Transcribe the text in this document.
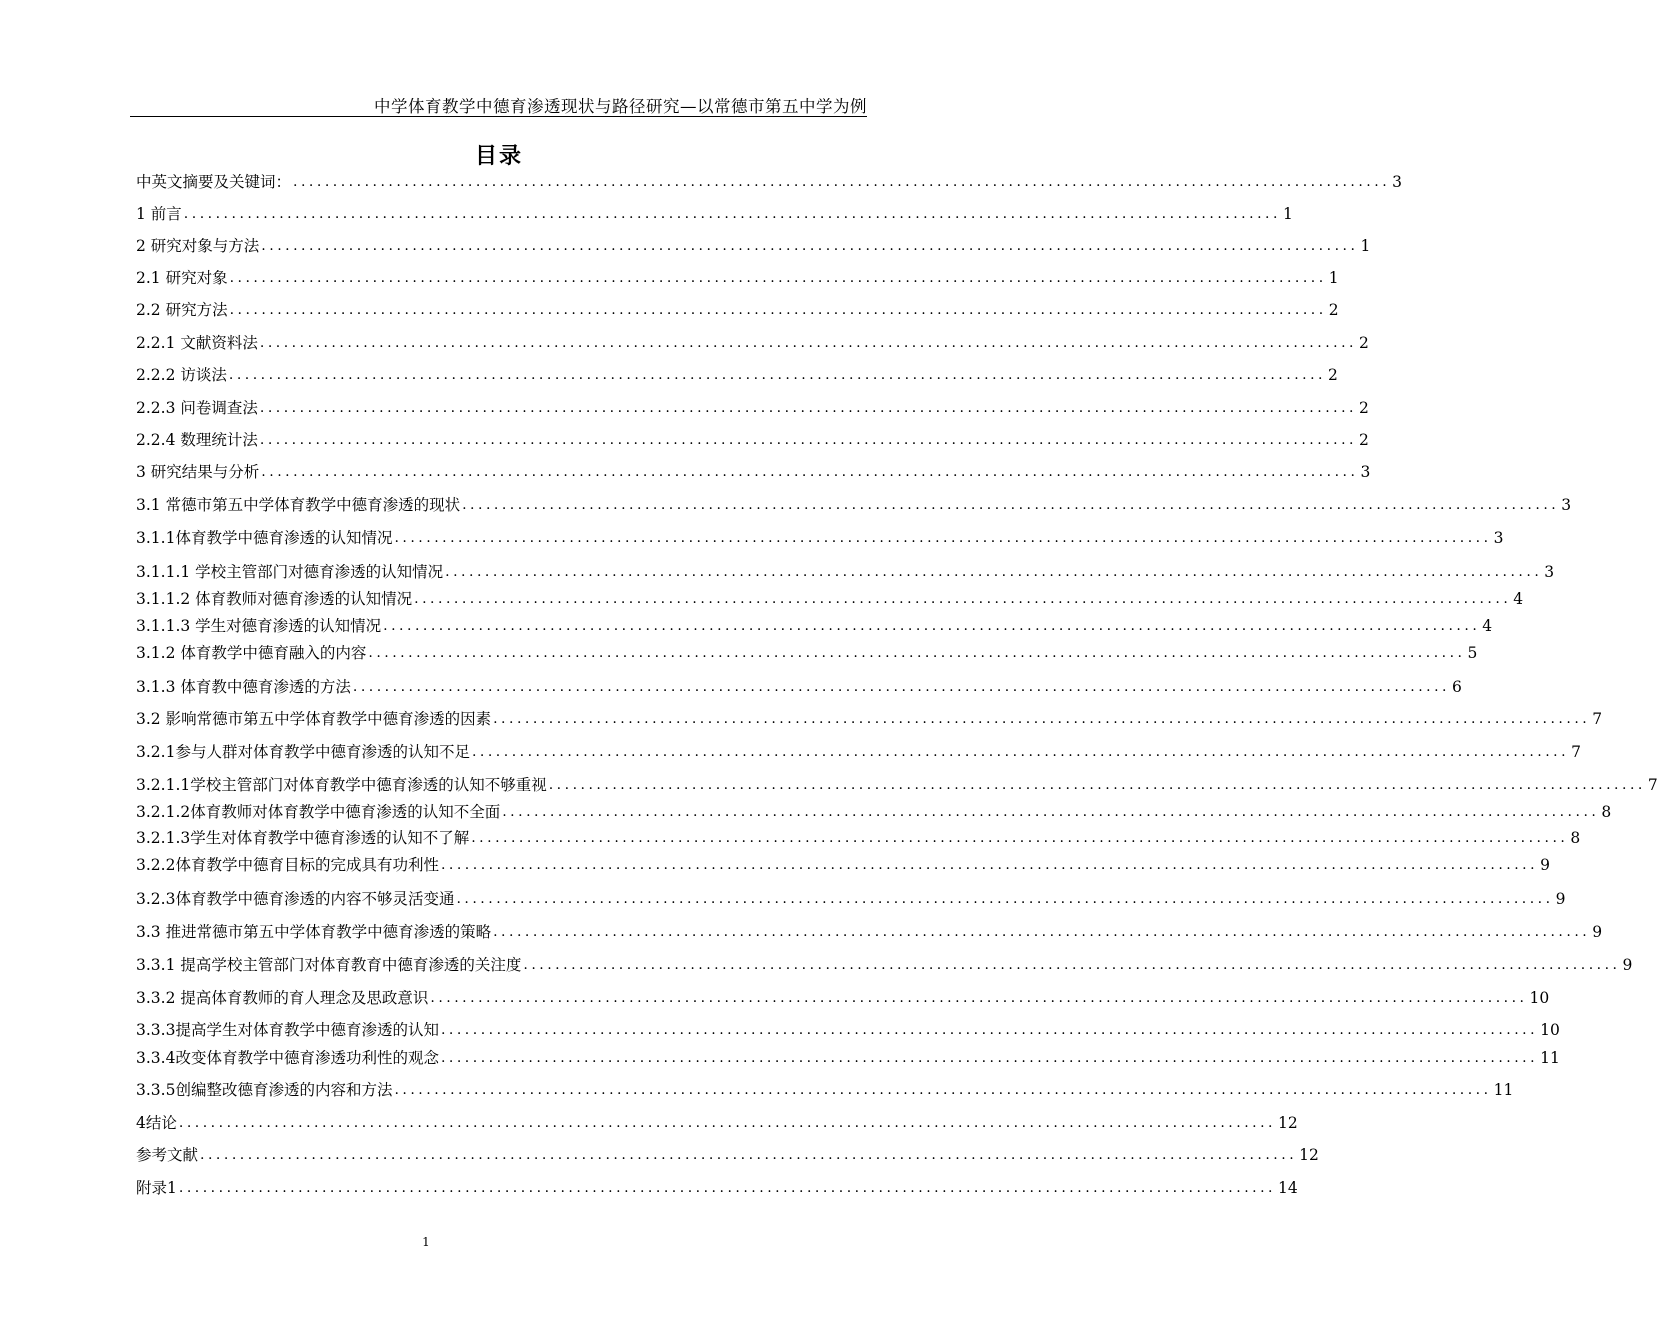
中学体育教学中德育渗透现状与路径研究—以常德市第五中学为例
目录
中英文摘要及关键词： .......................................................................................................................................... 3
1 前言 .......................................................................................................................................... 1
2 研究对象与方法 .......................................................................................................................................... 1
2.1 研究对象 .......................................................................................................................................... 1
2.2 研究方法 .......................................................................................................................................... 2
2.2.1 文献资料法 .......................................................................................................................................... 2
2.2.2 访谈法 .......................................................................................................................................... 2
2.2.3 问卷调查法 .......................................................................................................................................... 2
2.2.4 数理统计法 .......................................................................................................................................... 2
3 研究结果与分析 .......................................................................................................................................... 3
3.1 常德市第五中学体育教学中德育渗透的现状 .......................................................................................................................................... 3
3.1.1体育教学中德育渗透的认知情况 .......................................................................................................................................... 3
3.1.1.1 学校主管部门对德育渗透的认知情况 .......................................................................................................................................... 3
3.1.1.2 体育教师对德育渗透的认知情况 .......................................................................................................................................... 4
3.1.1.3 学生对德育渗透的认知情况 .......................................................................................................................................... 4
3.1.2 体育教学中德育融入的内容 .......................................................................................................................................... 5
3.1.3 体育教中德育渗透的方法 .......................................................................................................................................... 6
3.2 影响常德市第五中学体育教学中德育渗透的因素 .......................................................................................................................................... 7
3.2.1参与人群对体育教学中德育渗透的认知不足 .......................................................................................................................................... 7
3.2.1.1学校主管部门对体育教学中德育渗透的认知不够重视 .......................................................................................................................................... 7
3.2.1.2体育教师对体育教学中德育渗透的认知不全面 .......................................................................................................................................... 8
3.2.1.3学生对体育教学中德育渗透的认知不了解 .......................................................................................................................................... 8
3.2.2体育教学中德育目标的完成具有功利性 .......................................................................................................................................... 9
3.2.3体育教学中德育渗透的内容不够灵活变通 .......................................................................................................................................... 9
3.3 推进常德市第五中学体育教学中德育渗透的策略 .......................................................................................................................................... 9
3.3.1 提高学校主管部门对体育教育中德育渗透的关注度 .......................................................................................................................................... 9
3.3.2 提高体育教师的育人理念及思政意识 .......................................................................................................................................... 10
3.3.3提高学生对体育教学中德育渗透的认知 .......................................................................................................................................... 10
3.3.4改变体育教学中德育渗透功利性的观念 .......................................................................................................................................... 11
3.3.5创编整改德育渗透的内容和方法 .......................................................................................................................................... 11
4结论 .......................................................................................................................................... 12
参考文献 .......................................................................................................................................... 12
附录1 .......................................................................................................................................... 14
1
